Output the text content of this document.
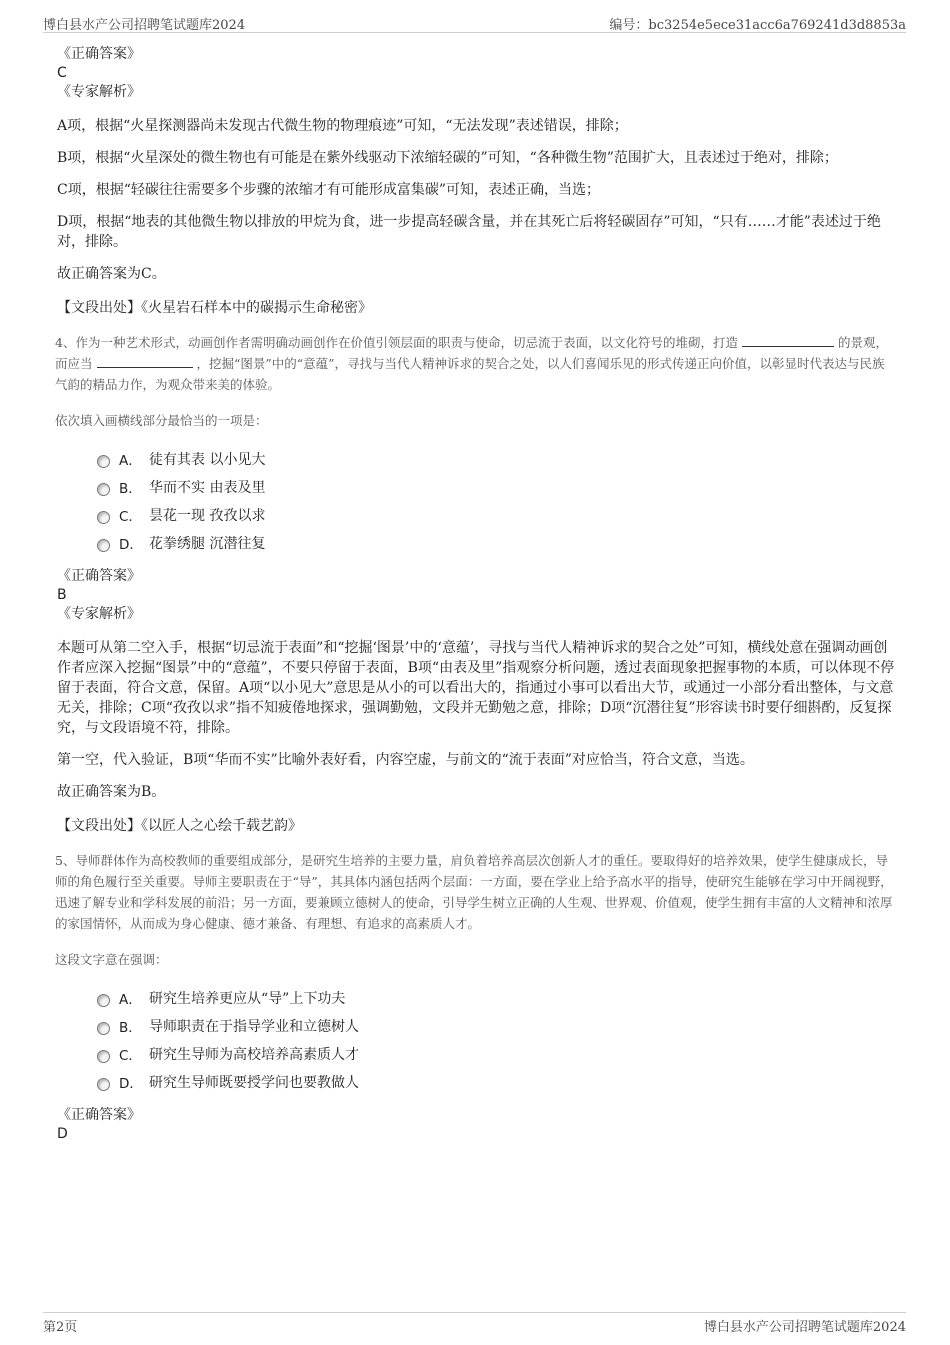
博白县水产公司招聘笔试题库2024	编号：bc3254e5ece31acc6a769241d3d8853a
《正确答案》
C
《专家解析》
A项，根据“火星探测器尚未发现古代微生物的物理痕迹”可知，“无法发现”表述错误，排除；
B项，根据“火星深处的微生物也有可能是在紫外线驱动下浓缩轻碳的”可知，“各种微生物”范围扩大，且表述过于绝对，排除；
C项，根据“轻碳往往需要多个步骤的浓缩才有可能形成富集碳”可知，表述正确，当选；
D项，根据“地表的其他微生物以排放的甲烷为食，进一步提高轻碳含量，并在其死亡后将轻碳固存”可知，“只有……才能”表述过于绝对，排除。
故正确答案为C。
【文段出处】《火星岩石样本中的碳揭示生命秘密》
4、作为一种艺术形式，动画创作者需明确动画创作在价值引领层面的职责与使命，切忌流于表面，以文化符号的堆砌，打造	的景观，而应当	，挖掘“图景”中的“意蕴”，寻找与当代人精神诉求的契合之处，以人们喜闻乐见的形式传递正向价值，以彰显时代表达与民族气韵的精品力作，为观众带来美的体验。
依次填入画横线部分最恰当的一项是：
A． 徒有其表 以小见大
B． 华而不实 由表及里
C． 昙花一现 孜孜以求
D． 花拳绣腿 沉潜往复
《正确答案》
B
《专家解析》
本题可从第二空入手，根据“切忌流于表面”和“挖掘‘图景’中的‘意蕴’，寻找与当代人精神诉求的契合之处”可知，横线处意在强调动画创作者应深入挖掘“图景”中的“意蕴”，不要只停留于表面，B项“由表及里”指观察分析问题，透过表面现象把握事物的本质，可以体现不停留于表面，符合文意，保留。A项“以小见大”意思是从小的可以看出大的，指通过小事可以看出大节，或通过一小部分看出整体，与文意无关，排除；C项“孜孜以求”指不知疲倦地探求，强调勤勉，文段并无勤勉之意，排除；D项“沉潜往复”形容读书时要仔细斟酌，反复探究，与文段语境不符，排除。
第一空，代入验证，B项“华而不实”比喻外表好看，内容空虚，与前文的“流于表面”对应恰当，符合文意，当选。
故正确答案为B。
【文段出处】《以匠人之心绘千载艺韵》
5、导师群体作为高校教师的重要组成部分，是研究生培养的主要力量，肩负着培养高层次创新人才的重任。要取得好的培养效果，使学生健康成长，导师的角色履行至关重要。导师主要职责在于“导”，其具体内涵包括两个层面：一方面，要在学业上给予高水平的指导，使研究生能够在学习中开阔视野，迅速了解专业和学科发展的前沿；另一方面，要兼顾立德树人的使命，引导学生树立正确的人生观、世界观、价值观，使学生拥有丰富的人文精神和浓厚的家国情怀，从而成为身心健康、德才兼备、有理想、有追求的高素质人才。
这段文字意在强调：
A． 研究生培养更应从“导”上下功夫
B． 导师职责在于指导学业和立德树人
C． 研究生导师为高校培养高素质人才
D． 研究生导师既要授学问也要教做人
《正确答案》
D
第2页	博白县水产公司招聘笔试题库2024
